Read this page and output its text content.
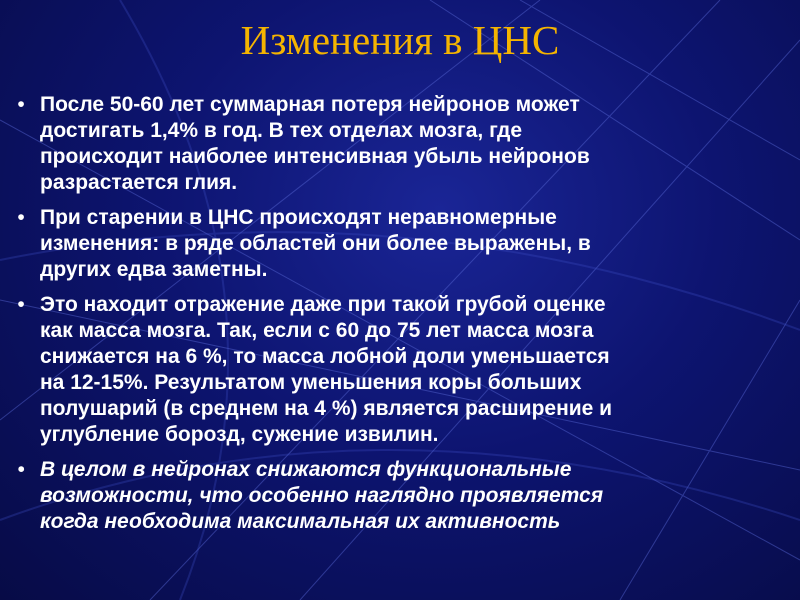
Изменения в ЦНС
• После 50-60 лет суммарная потеря нейронов может
достигать 1,4% в год. В тех отделах мозга, где
происходит наиболее интенсивная убыль нейронов
разрастается глия.
• При старении в ЦНС происходят неравномерные
изменения: в ряде областей они более выражены, в
других едва заметны.
• Это находит отражение даже при такой грубой оценке
как масса мозга. Так, если с 60 до 75 лет масса мозга
снижается на 6 %, то масса лобной доли уменьшается
на 12-15%. Результатом уменьшения коры больших
полушарий (в среднем на 4 %) является расширение и
углубление борозд, сужение извилин.
• В целом в нейронах снижаются функциональные
возможности, что особенно наглядно проявляется
когда необходима максимальная их активность
